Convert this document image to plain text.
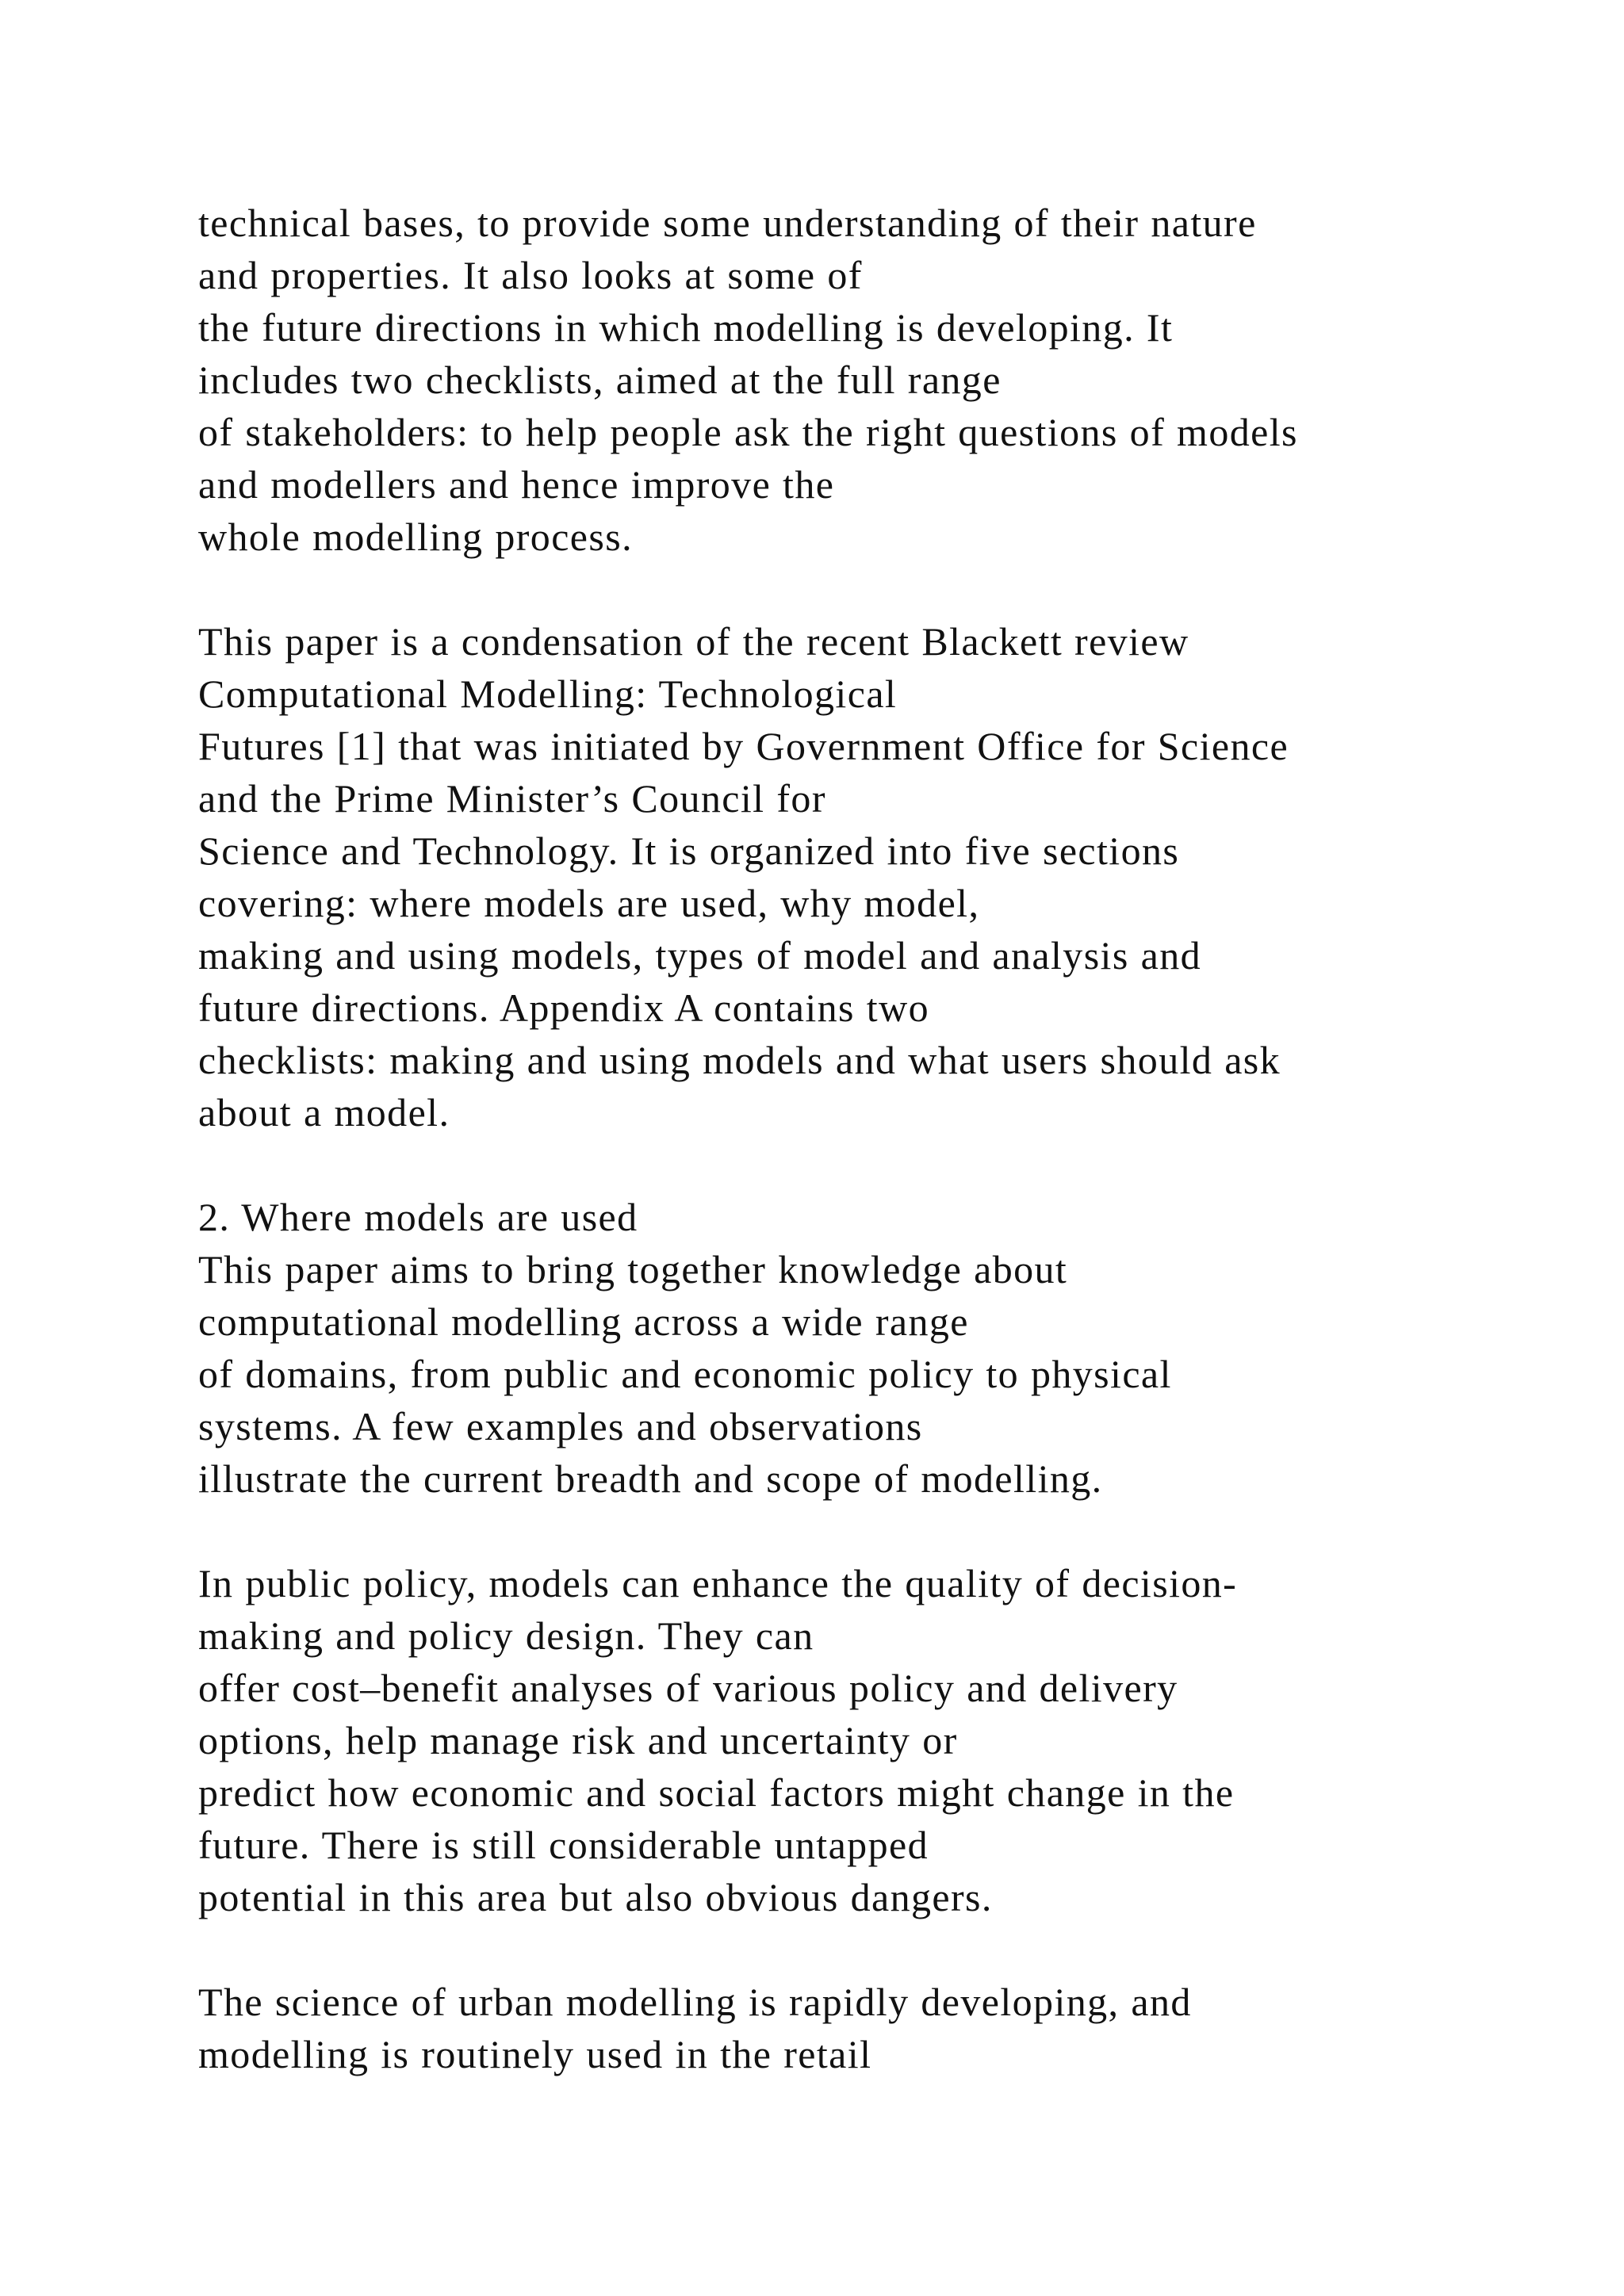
technical bases, to provide some understanding of their nature
and properties. It also looks at some of
the future directions in which modelling is developing. It
includes two checklists, aimed at the full range
of stakeholders: to help people ask the right questions of models
and modellers and hence improve the
whole modelling process.
This paper is a condensation of the recent Blackett review
Computational Modelling: Technological
Futures [1] that was initiated by Government Office for Science
and the Prime Minister’s Council for
Science and Technology. It is organized into five sections
covering: where models are used, why model,
making and using models, types of model and analysis and
future directions. Appendix A contains two
checklists: making and using models and what users should ask
about a model.
2. Where models are used
This paper aims to bring together knowledge about
computational modelling across a wide range
of domains, from public and economic policy to physical
systems. A few examples and observations
illustrate the current breadth and scope of modelling.
In public policy, models can enhance the quality of decision-
making and policy design. They can
offer cost–benefit analyses of various policy and delivery
options, help manage risk and uncertainty or
predict how economic and social factors might change in the
future. There is still considerable untapped
potential in this area but also obvious dangers.
The science of urban modelling is rapidly developing, and
modelling is routinely used in the retail
